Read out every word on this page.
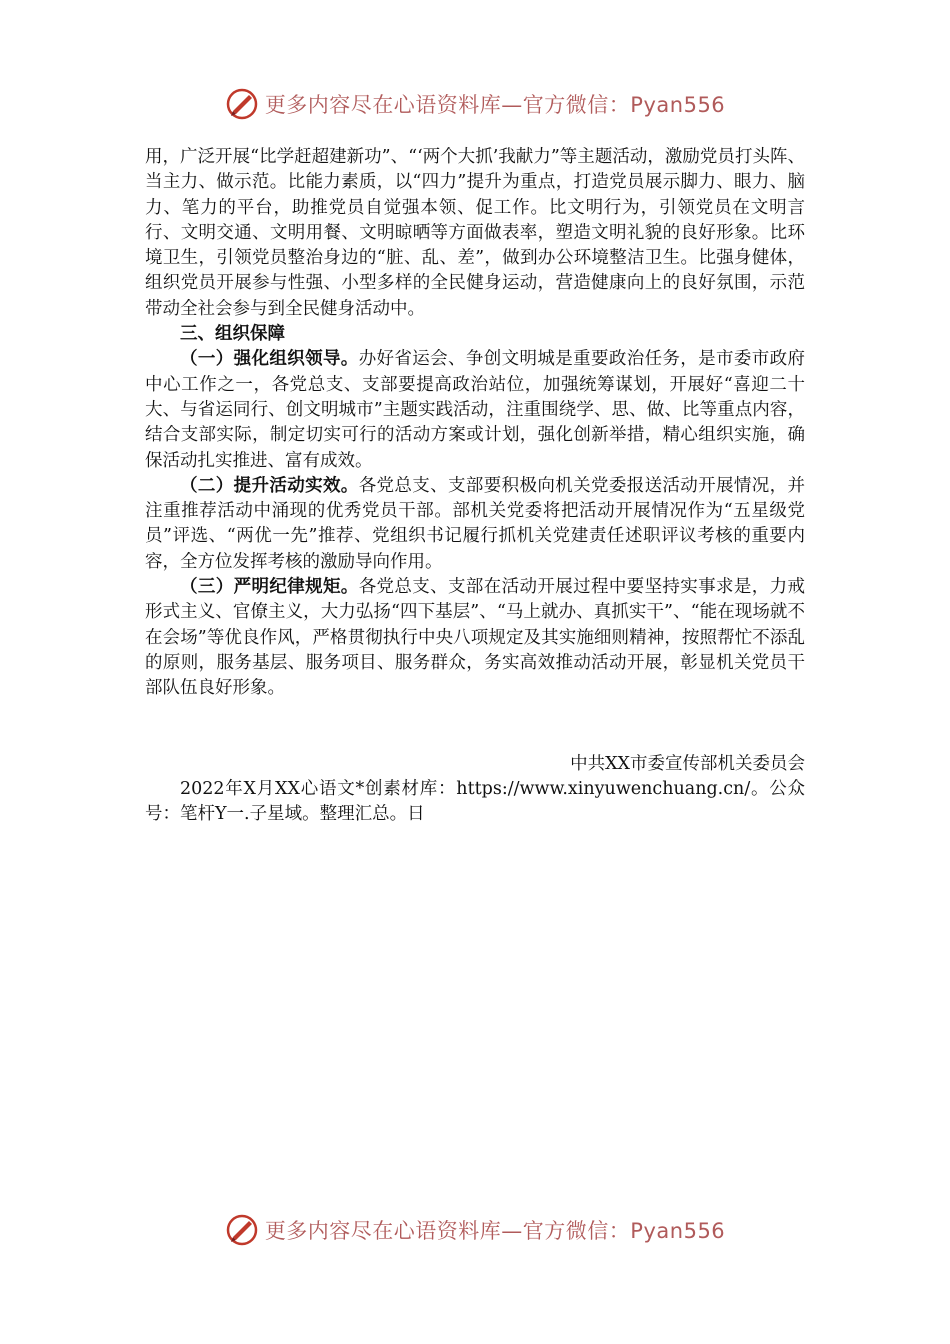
更多内容尽在心语资料库—官方微信：Pyan556

用，广泛开展“比学赶超建新功”、“‘两个大抓’我献力”等主题活动，激励党员打头阵、当主力、做示范。比能力素质，以“四力”提升为重点，打造党员展示脚力、眼力、脑力、笔力的平台，助推党员自觉强本领、促工作。比文明行为，引领党员在文明言行、文明交通、文明用餐、文明晾晒等方面做表率，塑造文明礼貌的良好形象。比环境卫生，引领党员整治身边的“脏、乱、差”，做到办公环境整洁卫生。比强身健体，组织党员开展参与性强、小型多样的全民健身运动，营造健康向上的良好氛围，示范带动全社会参与到全民健身活动中。

三、组织保障

（一）强化组织领导。办好省运会、争创文明城是重要政治任务，是市委市政府中心工作之一，各党总支、支部要提高政治站位，加强统筹谋划，开展好“喜迎二十大、与省运同行、创文明城市”主题实践活动，注重围绕学、思、做、比等重点内容，结合支部实际，制定切实可行的活动方案或计划，强化创新举措，精心组织实施，确保活动扎实推进、富有成效。

（二）提升活动实效。各党总支、支部要积极向机关党委报送活动开展情况，并注重推荐活动中涌现的优秀党员干部。部机关党委将把活动开展情况作为“五星级党员”评选、“两优一先”推荐、党组织书记履行抓机关党建责任述职评议考核的重要内容，全方位发挥考核的激励导向作用。

（三）严明纪律规矩。各党总支、支部在活动开展过程中要坚持实事求是，力戒形式主义、官僚主义，大力弘扬“四下基层”、“马上就办、真抓实干”、“能在现场就不在会场”等优良作风，严格贯彻执行中央八项规定及其实施细则精神，按照帮忙不添乱的原则，服务基层、服务项目、服务群众，务实高效推动活动开展，彰显机关党员干部队伍良好形象。

中共XX市委宣传部机关委员会

2022年X月XX心语文*创素材库：https://www.xinyuwenchuang.cn/。公众号：笔杆Y一.子星域。整理汇总。日

更多内容尽在心语资料库—官方微信：Pyan556
